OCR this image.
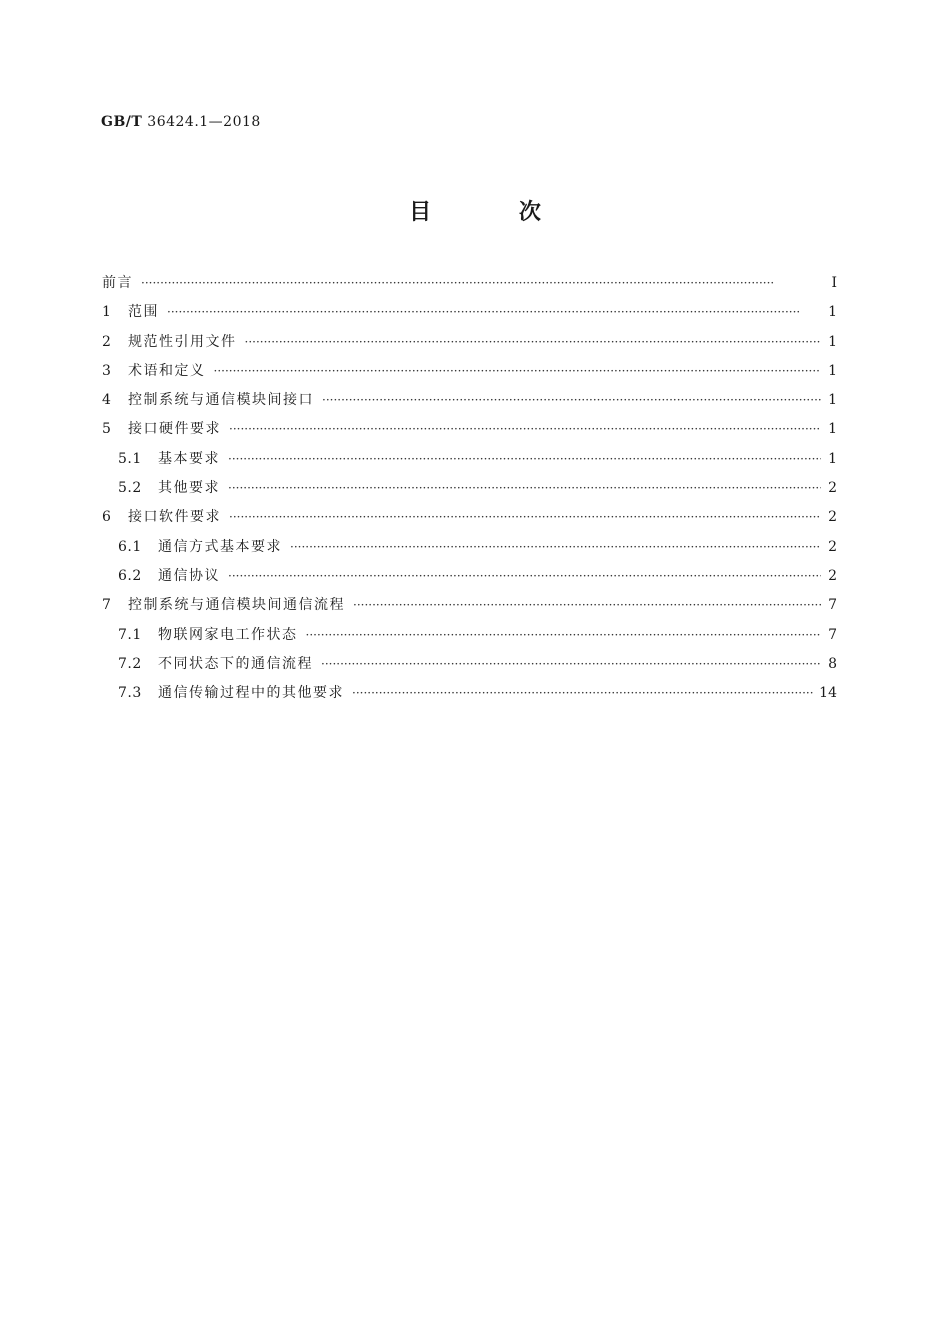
GB/T 36424.1—2018
目 次
前言 ·····	Ⅰ
1	范围 ·····	1
2	规范性引用文件 ·····	1
3	术语和定义 ·····	1
4	控制系统与通信模块间接口 ·····	1
5	接口硬件要求 ·····	1
5.1	基本要求 ·····	1
5.2	其他要求 ·····	2
6	接口软件要求 ·····	2
6.1	通信方式基本要求 ·····	2
6.2	通信协议 ·····	2
7	控制系统与通信模块间通信流程 ·····	7
7.1	物联网家电工作状态 ·····	7
7.2	不同状态下的通信流程 ·····	8
7.3	通信传输过程中的其他要求 ·····	14
